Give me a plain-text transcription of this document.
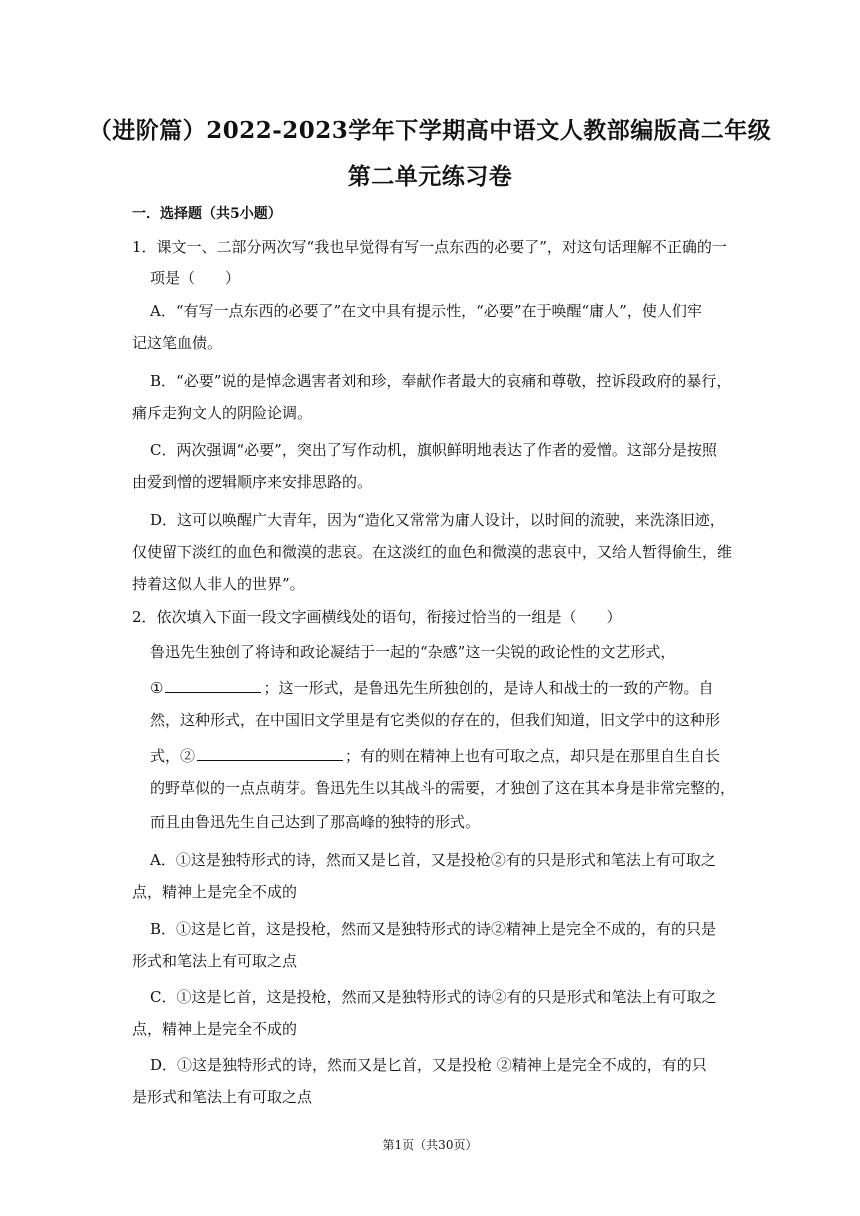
（进阶篇）2022-2023学年下学期高中语文人教部编版高二年级
第二单元练习卷
一．选择题（共5小题）
1．课文一、二部分两次写“我也早觉得有写一点东西的必要了”，对这句话理解不正确的一
项是（　　）
A．“有写一点东西的必要了”在文中具有提示性，“必要”在于唤醒“庸人”，使人们牢
记这笔血债。
B．“必要”说的是悼念遇害者刘和珍，奉献作者最大的哀痛和尊敬，控诉段政府的暴行，
痛斥走狗文人的阴险论调。
C．两次强调“必要”，突出了写作动机，旗帜鲜明地表达了作者的爱憎。这部分是按照
由爱到憎的逻辑顺序来安排思路的。
D．这可以唤醒广大青年，因为“造化又常常为庸人设计，以时间的流驶，来洗涤旧迹，
仅使留下淡红的血色和微漠的悲哀。在这淡红的血色和微漠的悲哀中，又给人暂得偷生，维
持着这似人非人的世界”。
2．依次填入下面一段文字画横线处的语句，衔接过恰当的一组是（　　）
鲁迅先生独创了将诗和政论凝结于一起的“杂感”这一尖锐的政论性的文艺形式，
①	；这一形式，是鲁迅先生所独创的，是诗人和战士的一致的产物。自
然，这种形式，在中国旧文学里是有它类似的存在的，但我们知道，旧文学中的这种形
式，②	；有的则在精神上也有可取之点，却只是在那里自生自长
的野草似的一点点萌芽。鲁迅先生以其战斗的需要，才独创了这在其本身是非常完整的，
而且由鲁迅先生自己达到了那高峰的独特的形式。
A．①这是独特形式的诗，然而又是匕首，又是投枪②有的只是形式和笔法上有可取之
点，精神上是完全不成的
B．①这是匕首，这是投枪，然而又是独特形式的诗②精神上是完全不成的，有的只是
形式和笔法上有可取之点
C．①这是匕首，这是投枪，然而又是独特形式的诗②有的只是形式和笔法上有可取之
点，精神上是完全不成的
D．①这是独特形式的诗，然而又是匕首，又是投枪 ②精神上是完全不成的，有的只
是形式和笔法上有可取之点
第1页（共30页）
